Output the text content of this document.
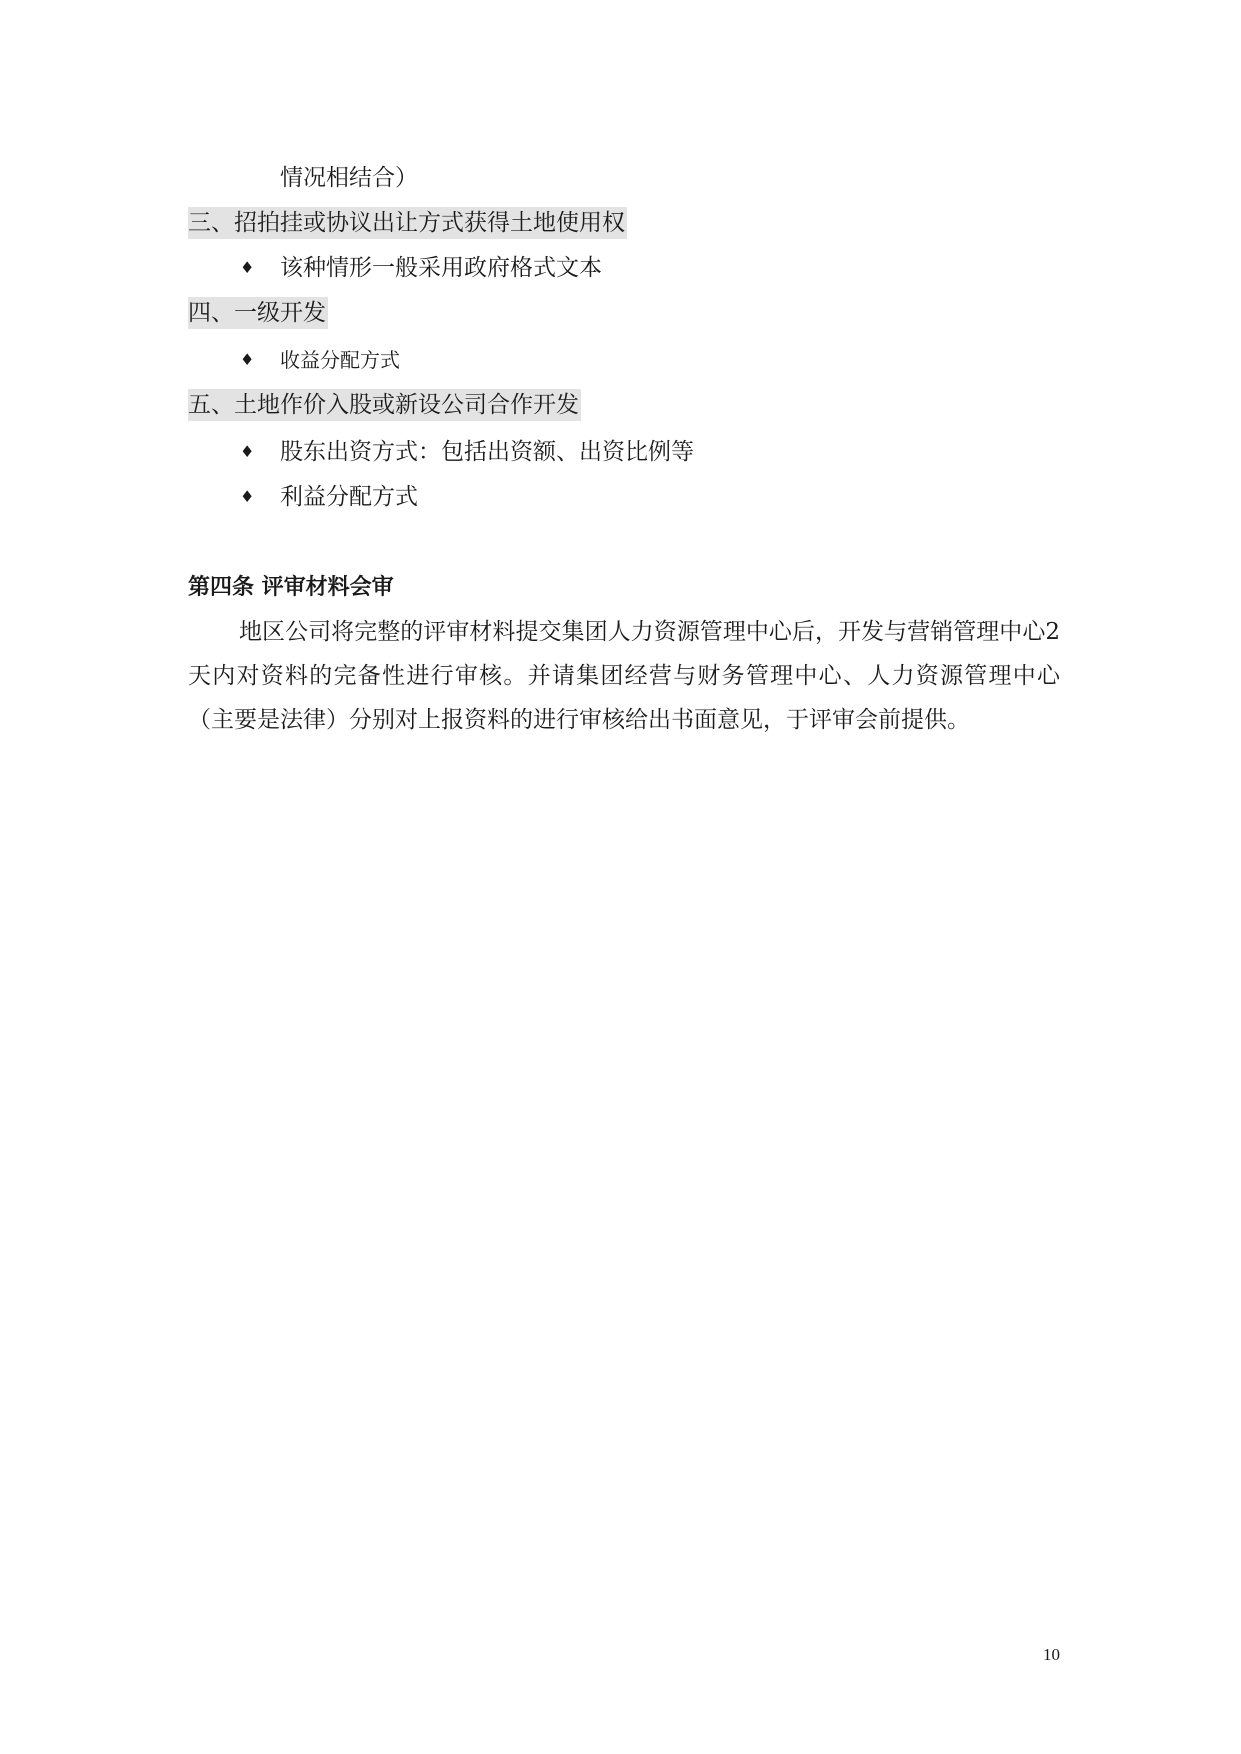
情况相结合）
三、招拍挂或协议出让方式获得土地使用权
♦ 该种情形一般采用政府格式文本
四、一级开发
♦ 收益分配方式
五、土地作价入股或新设公司合作开发
♦ 股东出资方式：包括出资额、出资比例等
♦ 利益分配方式
第四条 评审材料会审

地区公司将完整的评审材料提交集团人力资源管理中心后，开发与营销管理中心2天内对资料的完备性进行审核。并请集团经营与财务管理中心、人力资源管理中心（主要是法律）分别对上报资料的进行审核给出书面意见，于评审会前提供。

10
